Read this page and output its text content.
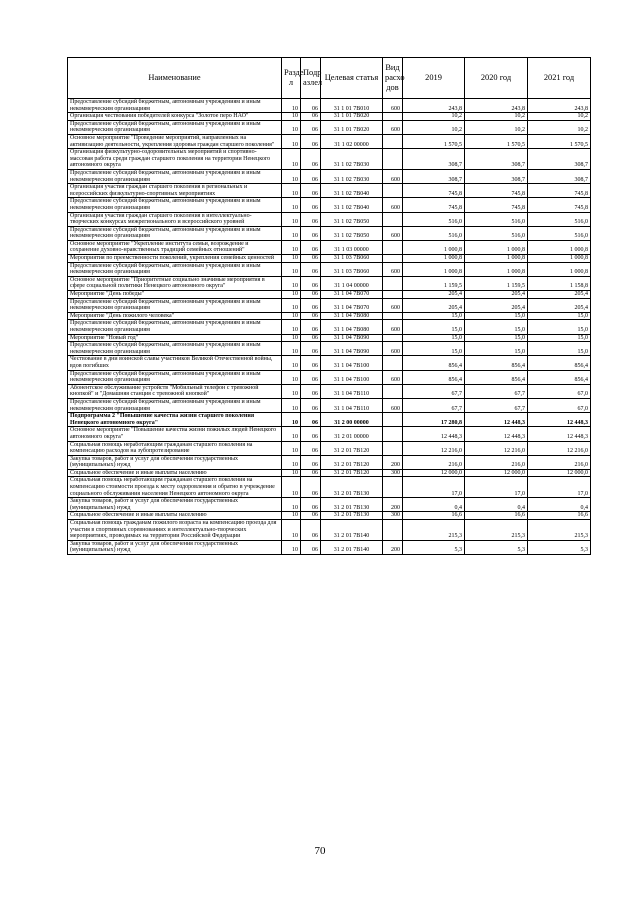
Наименование	Разде л	Подр азлел	Целевая статья	Вид расхо дов	2019	2020 год	2021 год
Предоставление субсидий бюджетным, автономным учреждениям и иным некоммерческим организациям	10	06	31 1 01 7В010	600	243,8	243,8	243,8
Организация чествования победителей конкурса "Золотое перо НАО"	10	06	31 1 01 7В020		10,2	10,2	10,2
Предоставление субсидий бюджетным, автономным учреждениям и иным некоммерческим организациям	10	06	31 1 01 7В020	600	10,2	10,2	10,2
Основное мероприятие "Проведение мероприятий, направленных на активизацию деятельности, укрепления здоровья граждан старшего поколения"	10	06	31 1 02 00000		1 570,5	1 570,5	1 570,5
Организация физкультурно-оздоровительных мероприятий и спортивно-массовая работа среди граждан старшего поколения на территории Ненецкого автономного округа	10	06	31 1 02 7В030		308,7	308,7	308,7
Предоставление субсидий бюджетным, автономным учреждениям и иным некоммерческим организациям	10	06	31 1 02 7В030	600	308,7	308,7	308,7
Организация участия граждан старшего поколения в региональных и всероссийских физкультурно-спортивных мероприятиях	10	06	31 1 02 7В040		745,8	745,8	745,8
Предоставление субсидий бюджетным, автономным учреждениям и иным некоммерческим организациям	10	06	31 1 02 7В040	600	745,8	745,8	745,8
Организация участия граждан старшего поколения в интеллектуально-творческих конкурсах межрегионального и всероссийского уровней	10	06	31 1 02 7В050		516,0	516,0	516,0
Предоставление субсидий бюджетным, автономным учреждениям и иным некоммерческим организациям	10	06	31 1 02 7В050	600	516,0	516,0	516,0
Основное мероприятие "Укрепление института семьи, возрождение и сохранение духовно-нравственных традиций семейных отношений"	10	06	31 1 03 00000		1 000,8	1 000,8	1 000,8
Мероприятия по преемственности поколений, укрепления семейных ценностей	10	06	31 1 03 7В060		1 000,8	1 000,8	1 000,8
Предоставление субсидий бюджетным, автономным учреждениям и иным некоммерческим организациям	10	06	31 1 03 7В060	600	1 000,8	1 000,8	1 000,8
Основное мероприятие "Приоритетные социально значимые мероприятия в сфере социальной политики Ненецкого автономного округа"	10	06	31 1 04 00000		1 159,5	1 159,5	1 158,8
Мероприятие "День победы"	10	06	31 1 04 7В070		205,4	205,4	205,4
Предоставление субсидий бюджетным, автономным учреждениям и иным некоммерческим организациям	10	06	31 1 04 7В070	600	205,4	205,4	205,4
Мероприятие "День пожилого человека"	10	06	31 1 04 7В080		15,0	15,0	15,0
Предоставление субсидий бюджетным, автономным учреждениям и иным некоммерческим организациям	10	06	31 1 04 7В080	600	15,0	15,0	15,0
Мероприятие "Новый год"	10	06	31 1 04 7В090		15,0	15,0	15,0
Предоставление субсидий бюджетным, автономным учреждениям и иным некоммерческим организациям	10	06	31 1 04 7В090	600	15,0	15,0	15,0
Чествование в дни воинской славы участников Великой Отечественной войны, вдов погибших	10	06	31 1 04 7В100		856,4	856,4	856,4
Предоставление субсидий бюджетным, автономным учреждениям и иным некоммерческим организациям	10	06	31 1 04 7В100	600	856,4	856,4	856,4
Абонентское обслуживание устройств "Мобильный телефон с тревожной кнопкой" и "Домашняя станция с тревожной кнопкой"	10	06	31 1 04 7В110		67,7	67,7	67,0
Предоставление субсидий бюджетным, автономным учреждениям и иным некоммерческим организациям	10	06	31 1 04 7В110	600	67,7	67,7	67,0
Подпрограмма 2 "Повышение качества жизни старшего поколения Ненецкого автономного округа"	10	06	31 2 00 00000		17 280,8	12 448,3	12 448,3
Основное мероприятие "Повышение качества жизни пожилых людей Ненецкого автономного округа"	10	06	31 2 01 00000		12 448,3	12 448,3	12 448,3
Социальная помощь неработающим гражданам старшего поколения на компенсацию расходов на зубопротезирование	10	06	31 2 01 7В120		12 216,0	12 216,0	12 216,0
Закупка товаров, работ и услуг для обеспечения государственных (муниципальных) нужд	10	06	31 2 01 7В120	200	216,0	216,0	216,0
Социальное обеспечение и иные выплаты населению	10	06	31 2 01 7В120	300	12 000,0	12 000,0	12 000,0
Социальная помощь неработающим гражданам старшего поколения на компенсацию стоимости проезда к месту оздоровления и обратно в учреждение социального обслуживания населения Ненецкого автономного округа	10	06	31 2 01 7В130		17,0	17,0	17,0
Закупка товаров, работ и услуг для обеспечения государственных (муниципальных) нужд	10	06	31 2 01 7В130	200	0,4	0,4	0,4
Социальное обеспечение и иные выплаты населению	10	06	31 2 01 7В130	300	16,6	16,6	16,6
Социальная помощь гражданам пожилого возраста на компенсацию проезда для участия в спортивных соревнованиях и интеллектуально-творческих мероприятиях, проводимых на территории Российской Федерации	10	06	31 2 01 7В140		215,3	215,3	215,3
Закупка товаров, работ и услуг для обеспечения государственных (муниципальных) нужд	10	06	31 2 01 7В140	200	5,3	5,3	5,3
70
